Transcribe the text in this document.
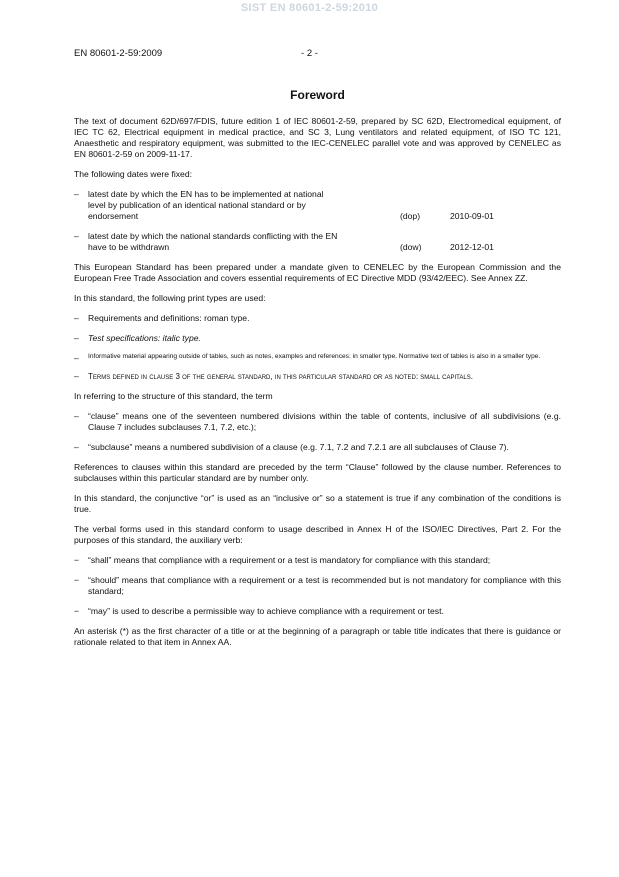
SIST EN 80601-2-59:2010
EN 80601-2-59:2009	- 2 -
Foreword

The text of document 62D/697/FDIS, future edition 1 of IEC 80601-2-59, prepared by SC 62D, Electromedical equipment, of IEC TC 62, Electrical equipment in medical practice, and SC 3, Lung ventilators and related equipment, of ISO TC 121, Anaesthetic and respiratory equipment, was submitted to the IEC-CENELEC parallel vote and was approved by CENELEC as EN 80601-2-59 on 2009-11-17.

The following dates were fixed:

– latest date by which the EN has to be implemented at national level by publication of an identical national standard or by endorsement	(dop)	2010-09-01
– latest date by which the national standards conflicting with the EN have to be withdrawn	(dow)	2012-12-01

This European Standard has been prepared under a mandate given to CENELEC by the European Commission and the European Free Trade Association and covers essential requirements of EC Directive MDD (93/42/EEC). See Annex ZZ.

In this standard, the following print types are used:

– Requirements and definitions: roman type.
– Test specifications: italic type.
– Informative material appearing outside of tables, such as notes, examples and references: in smaller type. Normative text of tables is also in a smaller type.
– Terms defined in clause 3 of the general standard, in this particular standard or as noted: small capitals.

In referring to the structure of this standard, the term

– “clause” means one of the seventeen numbered divisions within the table of contents, inclusive of all subdivisions (e.g. Clause 7 includes subclauses 7.1, 7.2, etc.);
– “subclause” means a numbered subdivision of a clause (e.g. 7.1, 7.2 and 7.2.1 are all subclauses of Clause 7).

References to clauses within this standard are preceded by the term “Clause” followed by the clause number. References to subclauses within this particular standard are by number only.

In this standard, the conjunctive “or” is used as an “inclusive or” so a statement is true if any combination of the conditions is true.

The verbal forms used in this standard conform to usage described in Annex H of the ISO/IEC Directives, Part 2. For the purposes of this standard, the auxiliary verb:

− “shall” means that compliance with a requirement or a test is mandatory for compliance with this standard;
− “should” means that compliance with a requirement or a test is recommended but is not mandatory for compliance with this standard;
− “may” is used to describe a permissible way to achieve compliance with a requirement or test.

An asterisk (*) as the first character of a title or at the beginning of a paragraph or table title indicates that there is guidance or rationale related to that item in Annex AA.
